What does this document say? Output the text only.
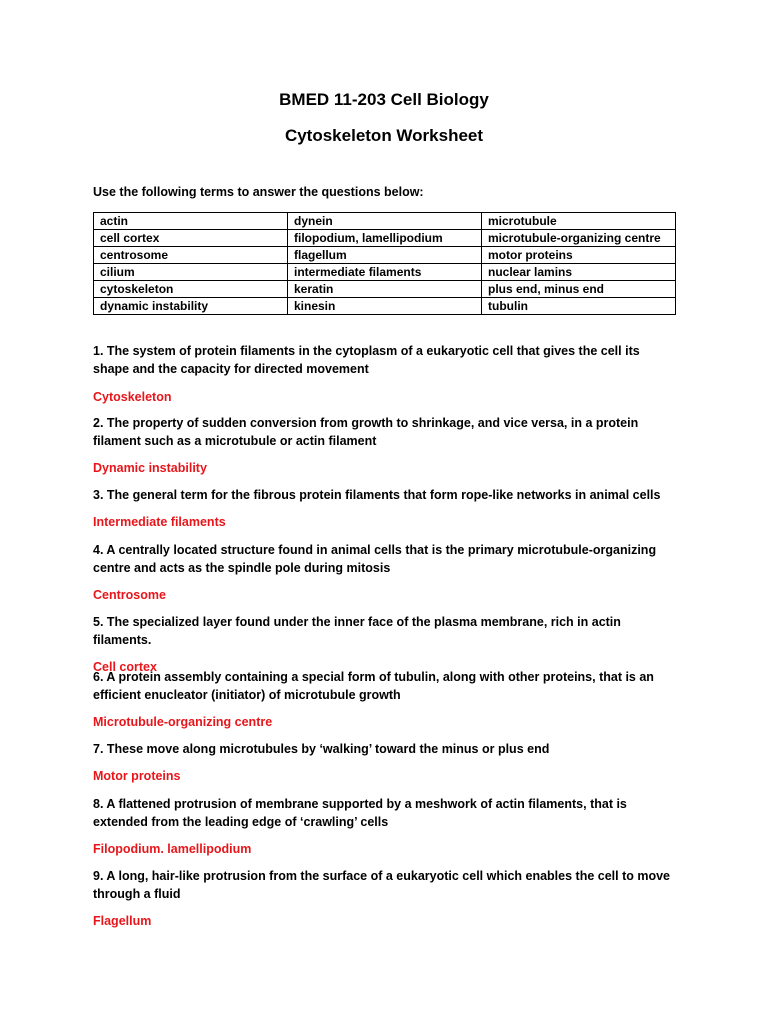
BMED 11-203 Cell Biology
Cytoskeleton Worksheet

Use the following terms to answer the questions below:

actin	dynein	microtubule
cell cortex	filopodium, lamellipodium	microtubule-organizing centre
centrosome	flagellum	motor proteins
cilium	intermediate filaments	nuclear lamins
cytoskeleton	keratin	plus end, minus end
dynamic instability	kinesin	tubulin

1. The system of protein filaments in the cytoplasm of a eukaryotic cell that gives the cell its shape and the capacity for directed movement

Cytoskeleton

2. The property of sudden conversion from growth to shrinkage, and vice versa, in a protein filament such as a microtubule or actin filament

Dynamic instability

3. The general term for the fibrous protein filaments that form rope-like networks in animal cells

Intermediate filaments

4. A centrally located structure found in animal cells that is the primary microtubule-organizing centre and acts as the spindle pole during mitosis

Centrosome

5. The specialized layer found under the inner face of the plasma membrane, rich in actin filaments.

Cell cortex

6. A protein assembly containing a special form of tubulin, along with other proteins, that is an efficient enucleator (initiator) of microtubule growth

Microtubule-organizing centre

7. These move along microtubules by ‘walking’ toward the minus or plus end

Motor proteins

8. A flattened protrusion of membrane supported by a meshwork of actin filaments, that is extended from the leading edge of ‘crawling’ cells

Filopodium. lamellipodium

9. A long, hair-like protrusion from the surface of a eukaryotic cell which enables the cell to move through a fluid

Flagellum
